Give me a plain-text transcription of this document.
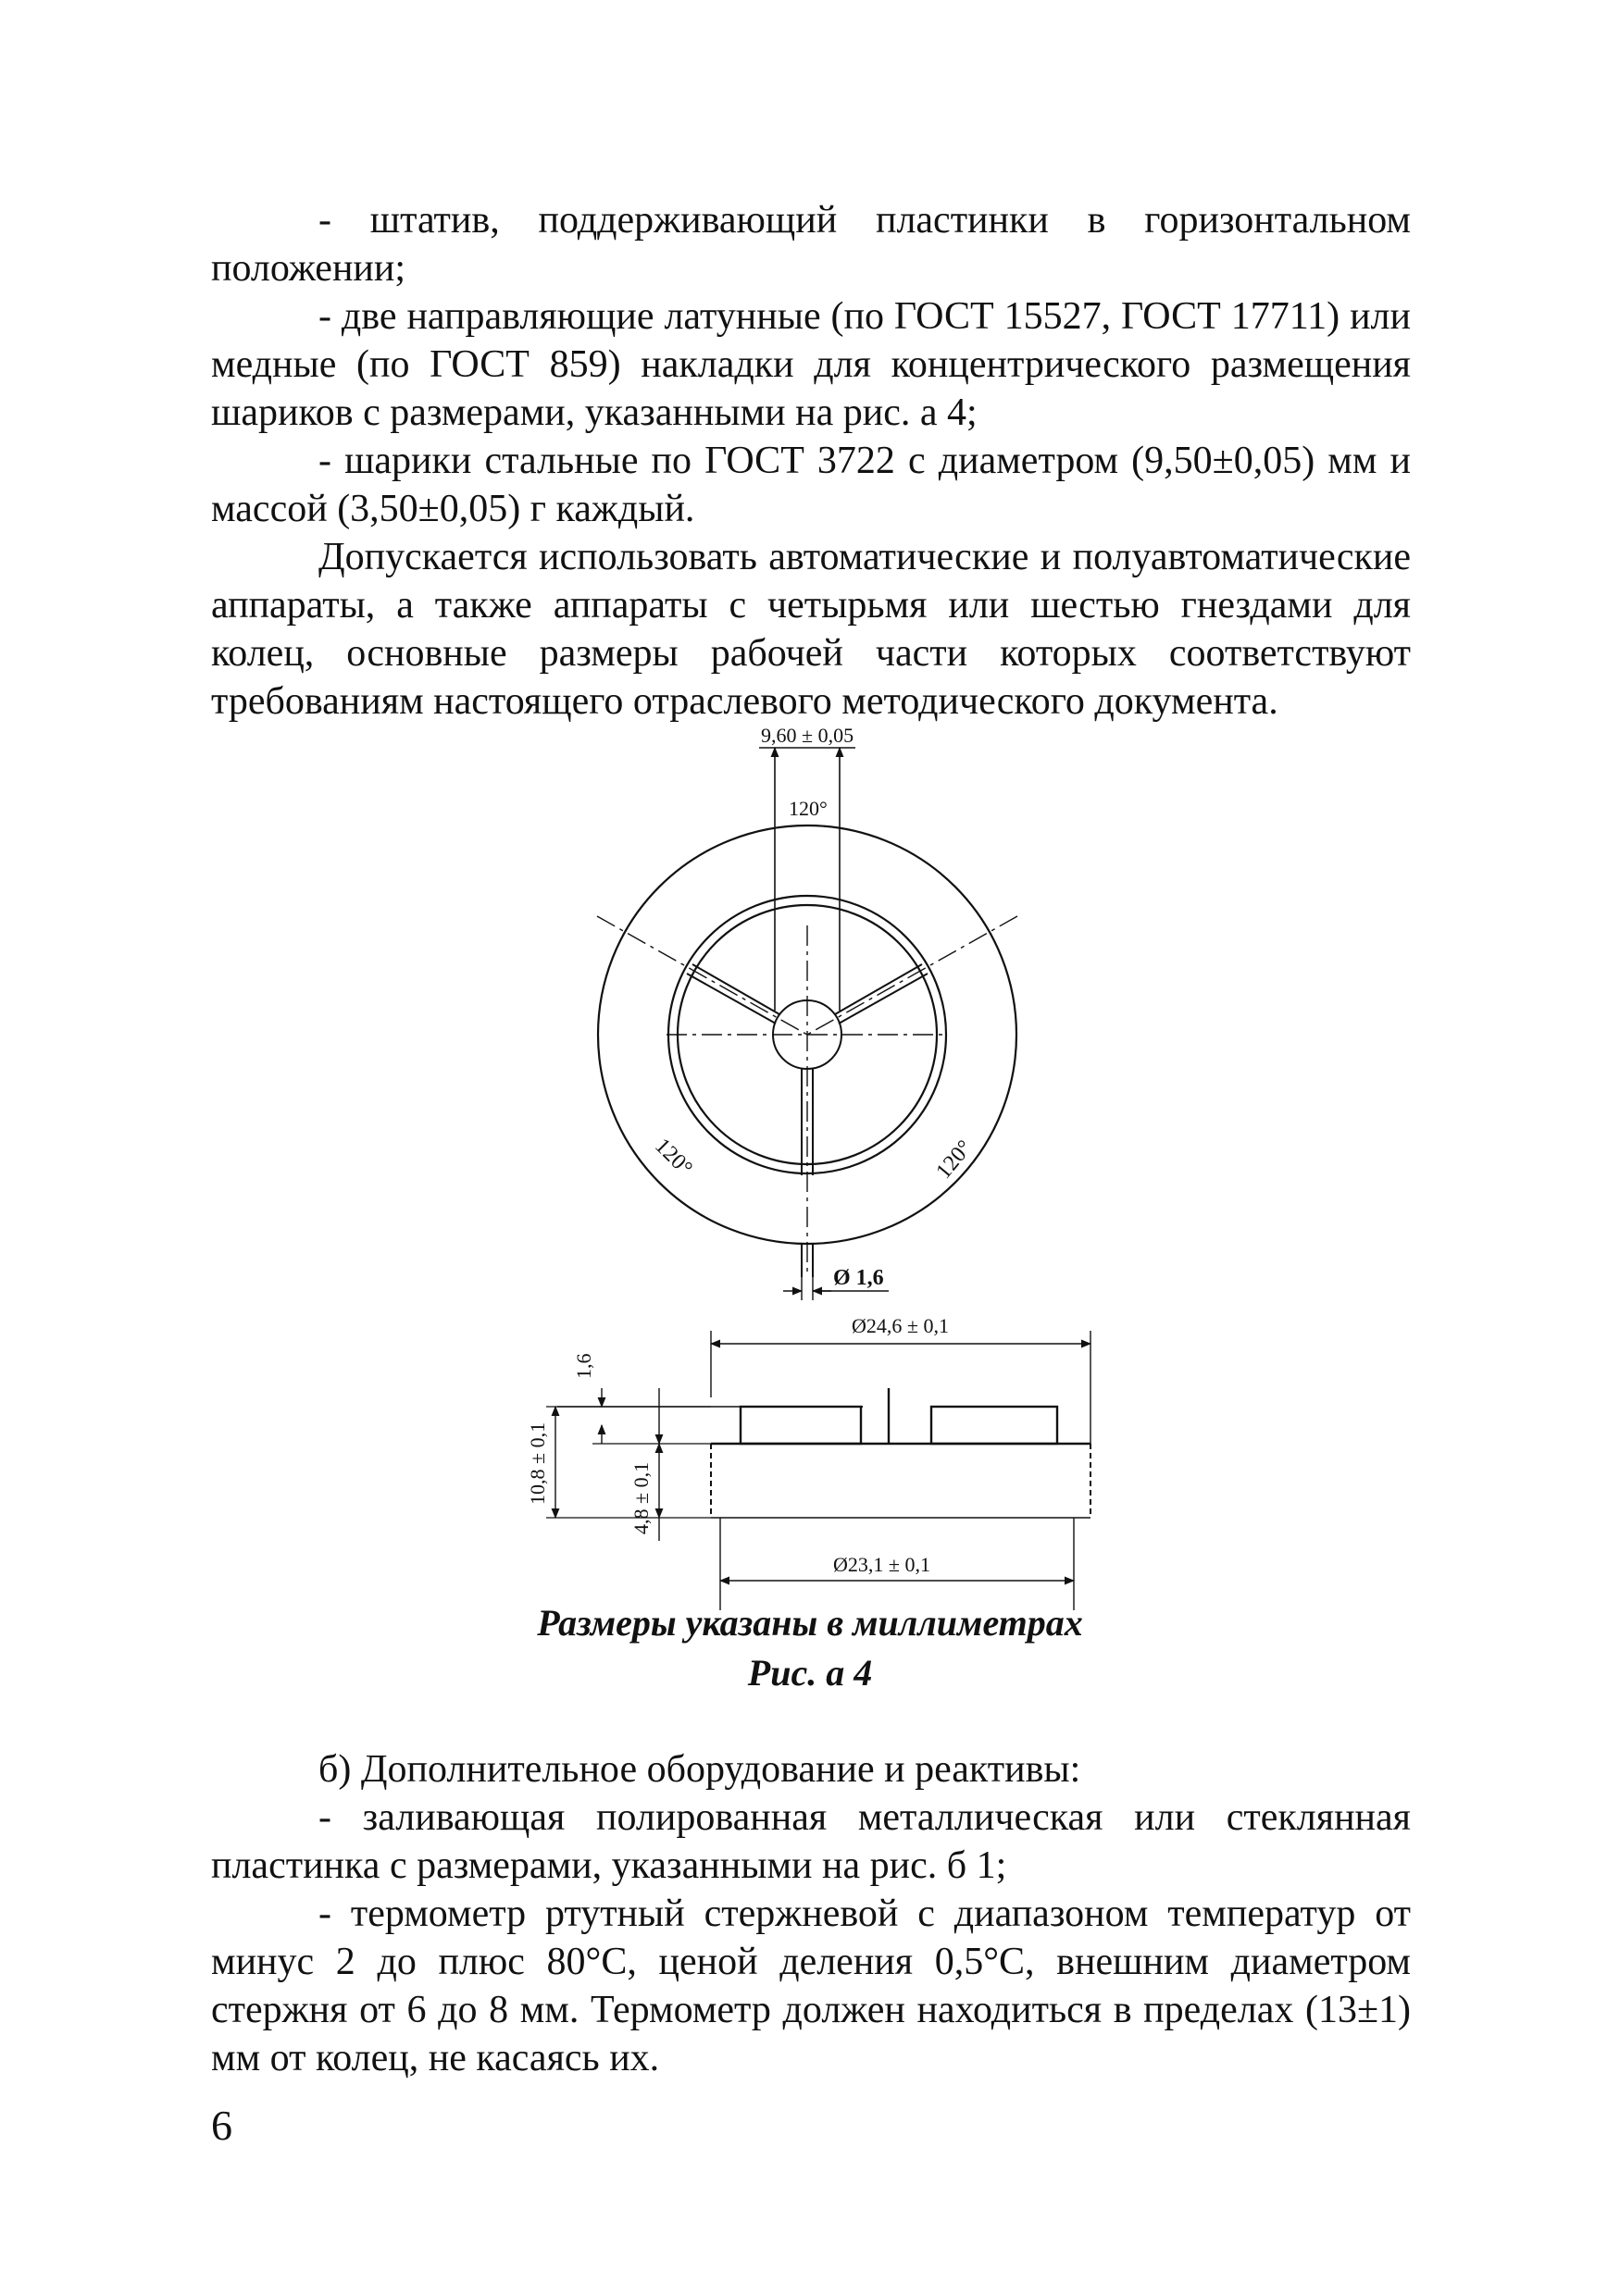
- штатив, поддерживающий пластинки в горизонтальном положении;

- две направляющие латунные (по ГОСТ 15527, ГОСТ 17711) или медные (по ГОСТ 859) накладки для концентрического размещения шариков с размерами, указанными на рис. а 4;

- шарики стальные по ГОСТ 3722 с диаметром (9,50±0,05) мм и массой (3,50±0,05) г каждый.

Допускается использовать автоматические и полуавтоматические аппараты, а также аппараты с четырьмя или шестью гнездами для колец, основные размеры рабочей части которых соответствуют требованиям настоящего отраслевого методического документа.

9,60 ± 0,05
120°
120°	120°
Ø 1,6
Ø24,6 ± 0,1
Ø23,1 ± 0,1
10,8 ± 0,1
1,6
4,8 ± 0,1
Размеры указаны в миллиметрах
Рис. а 4

б) Дополнительное оборудование и реактивы:

- заливающая полированная металлическая или стеклянная пластинка с размерами, указанными на рис. б 1;

- термометр ртутный стержневой с диапазоном температур от минус 2 до плюс 80°С, ценой деления 0,5°С, внешним диаметром стержня от 6 до 8 мм. Термометр должен находиться в пределах (13±1) мм от колец, не касаясь их.

6
